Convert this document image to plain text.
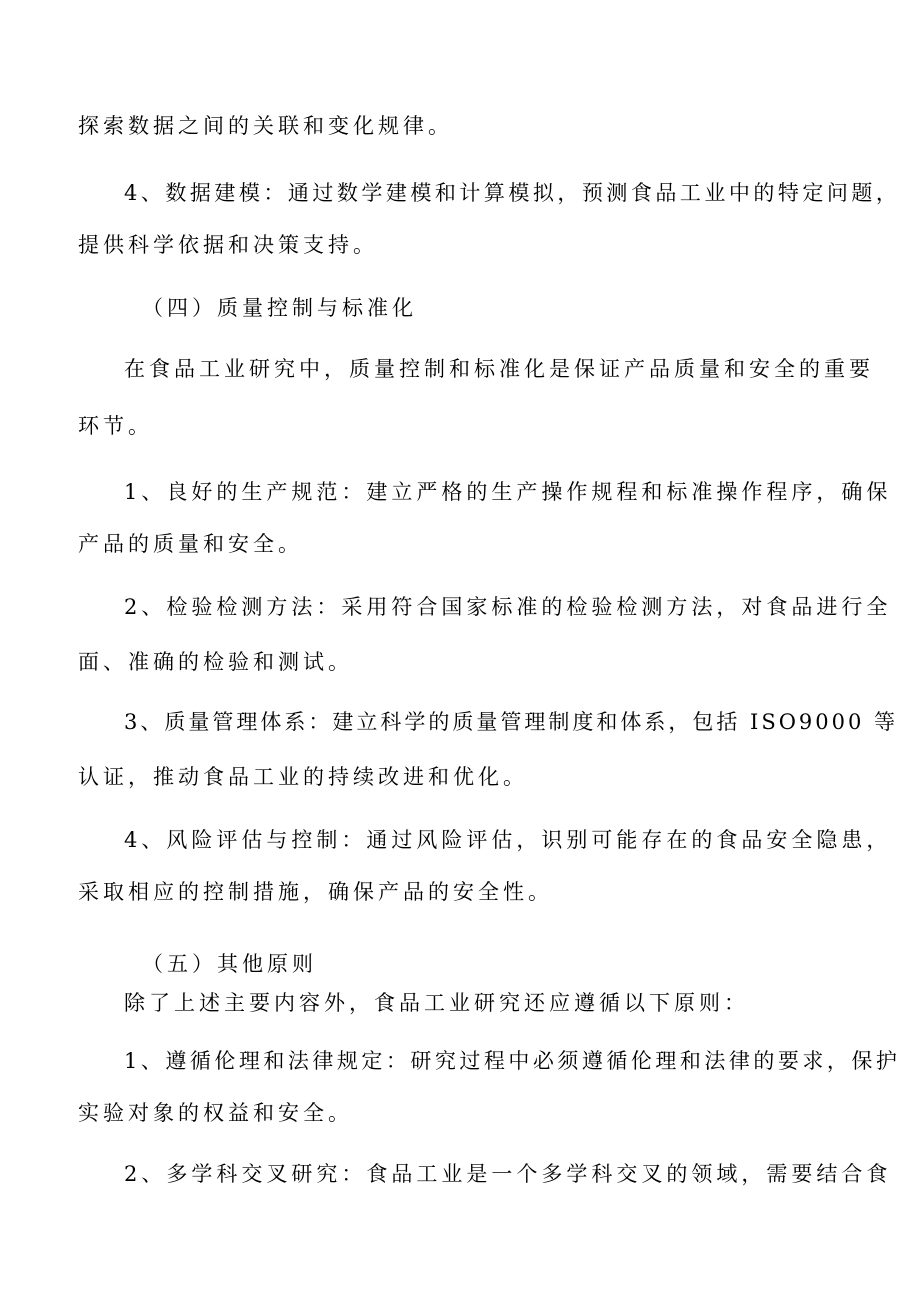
探索数据之间的关联和变化规律。
4、数据建模：通过数学建模和计算模拟，预测食品工业中的特定问题，
提供科学依据和决策支持。
（四）质量控制与标准化
在食品工业研究中，质量控制和标准化是保证产品质量和安全的重要
环节。
1、良好的生产规范：建立严格的生产操作规程和标准操作程序，确保
产品的质量和安全。
2、检验检测方法：采用符合国家标准的检验检测方法，对食品进行全
面、准确的检验和测试。
3、质量管理体系：建立科学的质量管理制度和体系，包括 ISO9000 等
认证，推动食品工业的持续改进和优化。
4、风险评估与控制：通过风险评估，识别可能存在的食品安全隐患，
采取相应的控制措施，确保产品的安全性。
（五）其他原则
除了上述主要内容外，食品工业研究还应遵循以下原则：
1、遵循伦理和法律规定：研究过程中必须遵循伦理和法律的要求，保护
实验对象的权益和安全。
2、多学科交叉研究：食品工业是一个多学科交叉的领域，需要结合食
